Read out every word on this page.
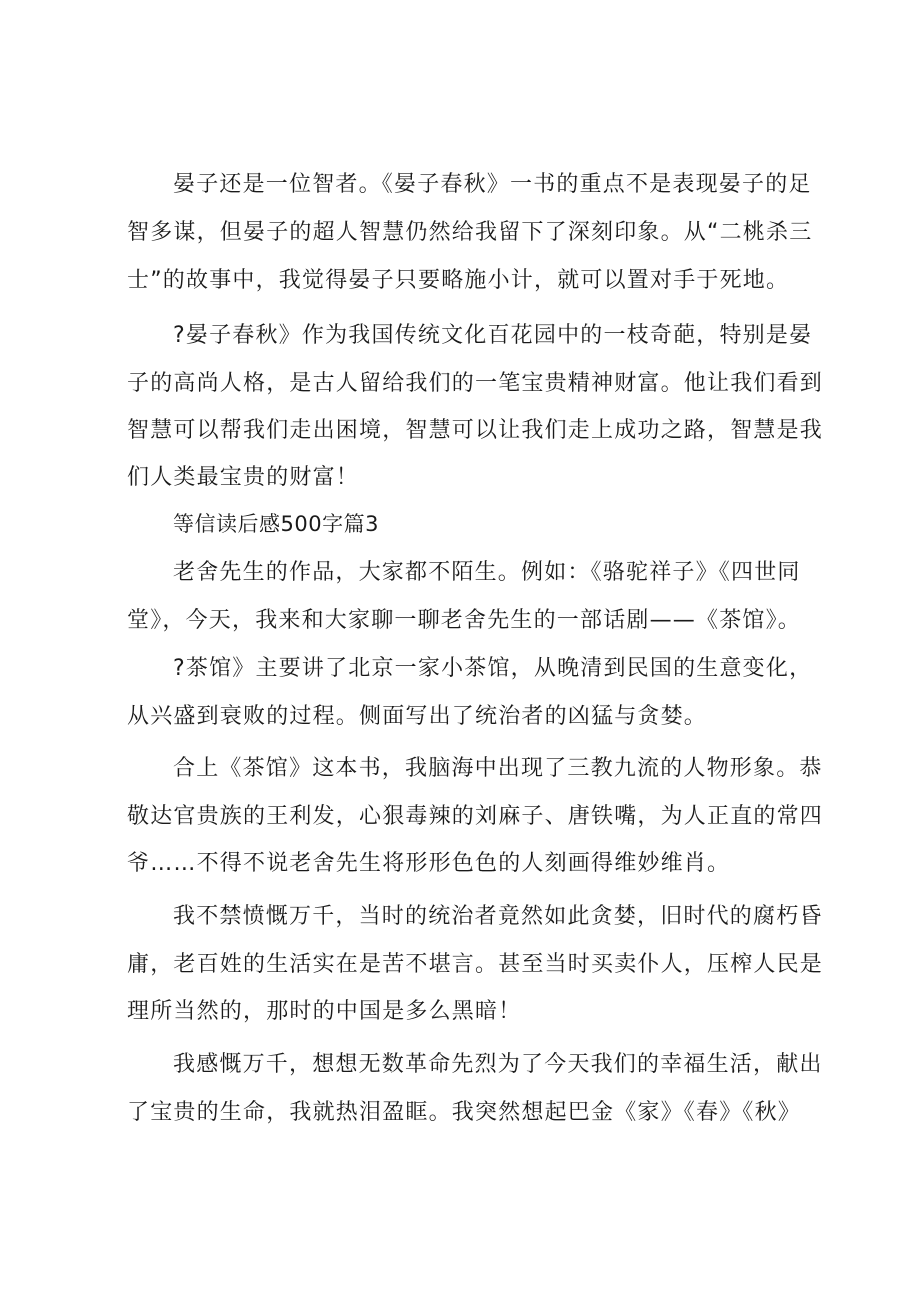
晏子还是一位智者。《晏子春秋》一书的重点不是表现晏子的足
智多谋，但晏子的超人智慧仍然给我留下了深刻印象。从“二桃杀三
士”的故事中，我觉得晏子只要略施小计，就可以置对手于死地。
?晏子春秋》作为我国传统文化百花园中的一枝奇葩，特别是晏
子的高尚人格，是古人留给我们的一笔宝贵精神财富。他让我们看到
智慧可以帮我们走出困境，智慧可以让我们走上成功之路，智慧是我
们人类最宝贵的财富！
等信读后感500字篇3
老舍先生的作品，大家都不陌生。例如：《骆驼祥子》《四世同
堂》，今天，我来和大家聊一聊老舍先生的一部话剧——《茶馆》。
?茶馆》主要讲了北京一家小茶馆，从晚清到民国的生意变化，
从兴盛到衰败的过程。侧面写出了统治者的凶猛与贪婪。
合上《茶馆》这本书，我脑海中出现了三教九流的人物形象。恭
敬达官贵族的王利发，心狠毒辣的刘麻子、唐铁嘴，为人正直的常四
爷……不得不说老舍先生将形形色色的人刻画得维妙维肖。
我不禁愤慨万千，当时的统治者竟然如此贪婪，旧时代的腐朽昏
庸，老百姓的生活实在是苦不堪言。甚至当时买卖仆人，压榨人民是
理所当然的，那时的中国是多么黑暗！
我感慨万千，想想无数革命先烈为了今天我们的幸福生活，献出
了宝贵的生命，我就热泪盈眶。我突然想起巴金《家》《春》《秋》
